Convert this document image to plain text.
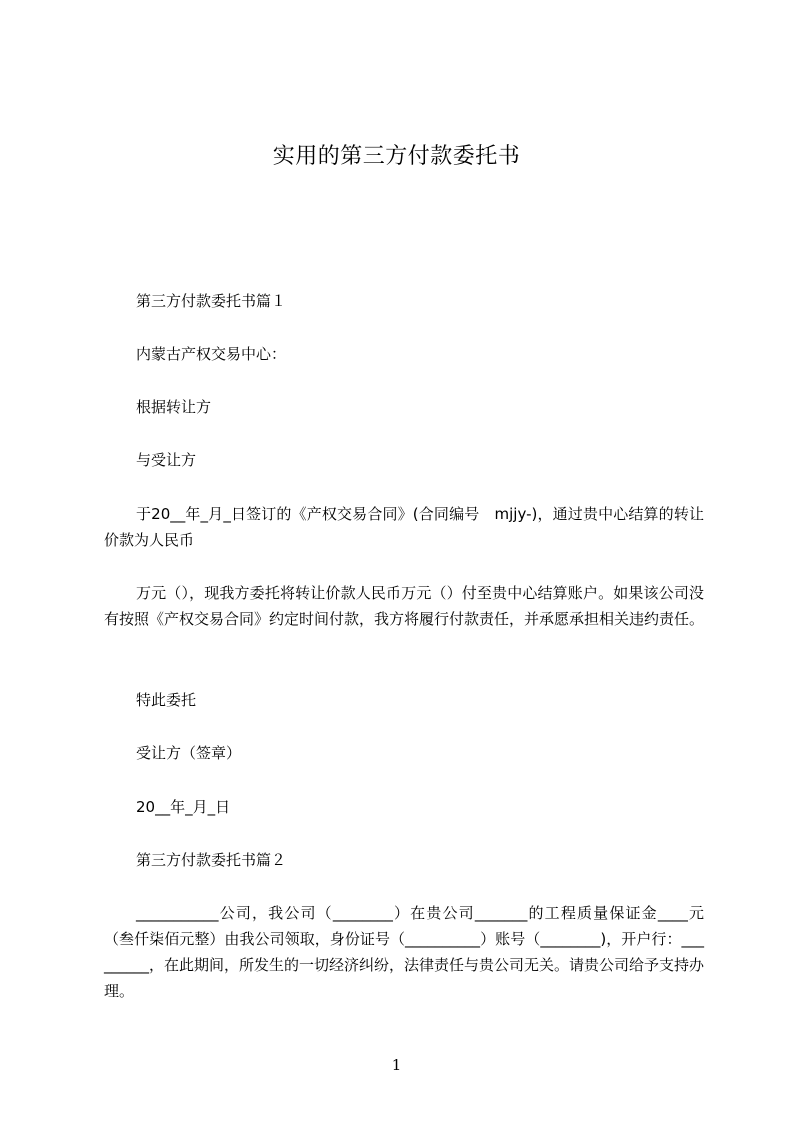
实用的第三方付款委托书
第三方付款委托书篇１
内蒙古产权交易中心：
根据转让方
与受让方
于20__年_月_日签订的《产权交易合同》(合同编号　mjjy-)，通过贵中心结算的转让价款为人民币
万元（），现我方委托将转让价款人民币万元（）付至贵中心结算账户。如果该公司没有按照《产权交易合同》约定时间付款，我方将履行付款责任，并承愿承担相关违约责任。
特此委托
受让方（签章）
20__年_月_日
第三方付款委托书篇２
___________公司，我公司（________）在贵公司_______的工程质量保证金____元（叁仟柒佰元整）由我公司领取，身份证号（__________）账号（________)，开户行：_________，在此期间，所发生的一切经济纠纷，法律责任与贵公司无关。请贵公司给予支持办理。
1
